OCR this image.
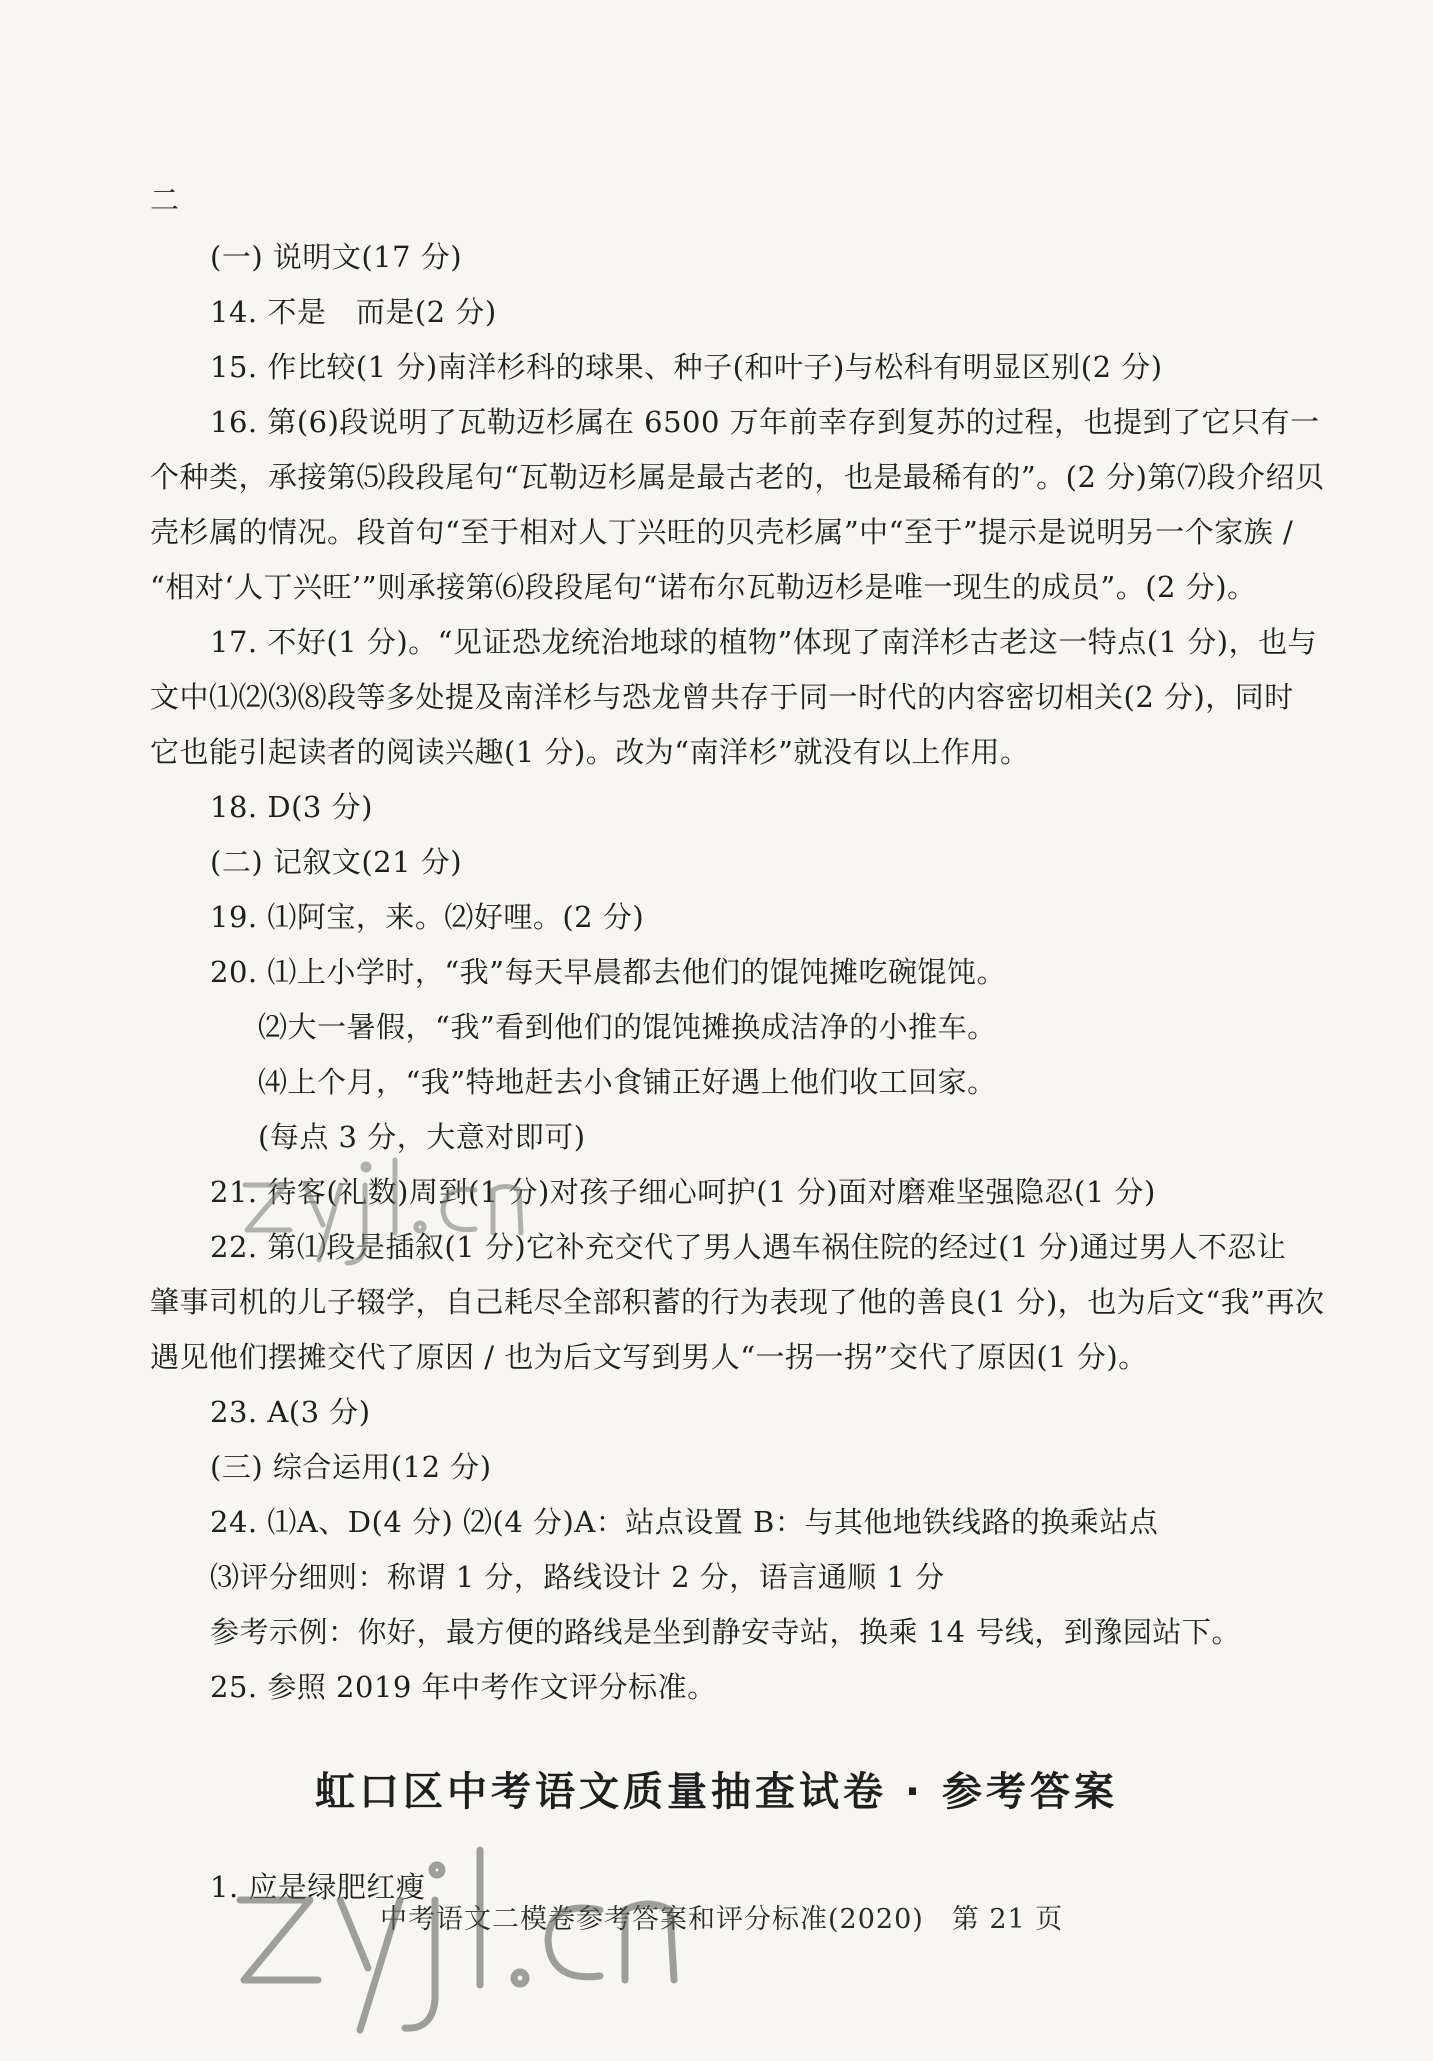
二
(一) 说明文(17 分)
14. 不是　而是(2 分)
15. 作比较(1 分)南洋杉科的球果、种子(和叶子)与松科有明显区别(2 分)
16. 第(6)段说明了瓦勒迈杉属在 6500 万年前幸存到复苏的过程，也提到了它只有一
个种类，承接第⑸段段尾句“瓦勒迈杉属是最古老的，也是最稀有的”。(2 分)第⑺段介绍贝
壳杉属的情况。段首句“至于相对人丁兴旺的贝壳杉属”中“至于”提示是说明另一个家族 /
“相对‘人丁兴旺’”则承接第⑹段段尾句“诺布尔瓦勒迈杉是唯一现生的成员”。(2 分)。
17. 不好(1 分)。“见证恐龙统治地球的植物”体现了南洋杉古老这一特点(1 分)，也与
文中⑴⑵⑶⑻段等多处提及南洋杉与恐龙曾共存于同一时代的内容密切相关(2 分)，同时
它也能引起读者的阅读兴趣(1 分)。改为“南洋杉”就没有以上作用。
18. D(3 分)
(二) 记叙文(21 分)
19. ⑴阿宝，来。⑵好哩。(2 分)
20. ⑴上小学时，“我”每天早晨都去他们的馄饨摊吃碗馄饨。
⑵大一暑假，“我”看到他们的馄饨摊换成洁净的小推车。
⑷上个月，“我”特地赶去小食铺正好遇上他们收工回家。
(每点 3 分，大意对即可)
21. 待客(礼数)周到(1 分)对孩子细心呵护(1 分)面对磨难坚强隐忍(1 分)
22. 第⑴段是插叙(1 分)它补充交代了男人遇车祸住院的经过(1 分)通过男人不忍让
肇事司机的儿子辍学，自己耗尽全部积蓄的行为表现了他的善良(1 分)，也为后文“我”再次
遇见他们摆摊交代了原因 / 也为后文写到男人“一拐一拐”交代了原因(1 分)。
23. A(3 分)
(三) 综合运用(12 分)
24. ⑴A、D(4 分) ⑵(4 分)A：站点设置 B：与其他地铁线路的换乘站点
⑶评分细则：称谓 1 分，路线设计 2 分，语言通顺 1 分
参考示例：你好，最方便的路线是坐到静安寺站，换乘 14 号线，到豫园站下。
25. 参照 2019 年中考作文评分标准。
虹口区中考语文质量抽查试卷 · 参考答案
1. 应是绿肥红瘦
中考语文二模卷参考答案和评分标准(2020)　第 21 页
